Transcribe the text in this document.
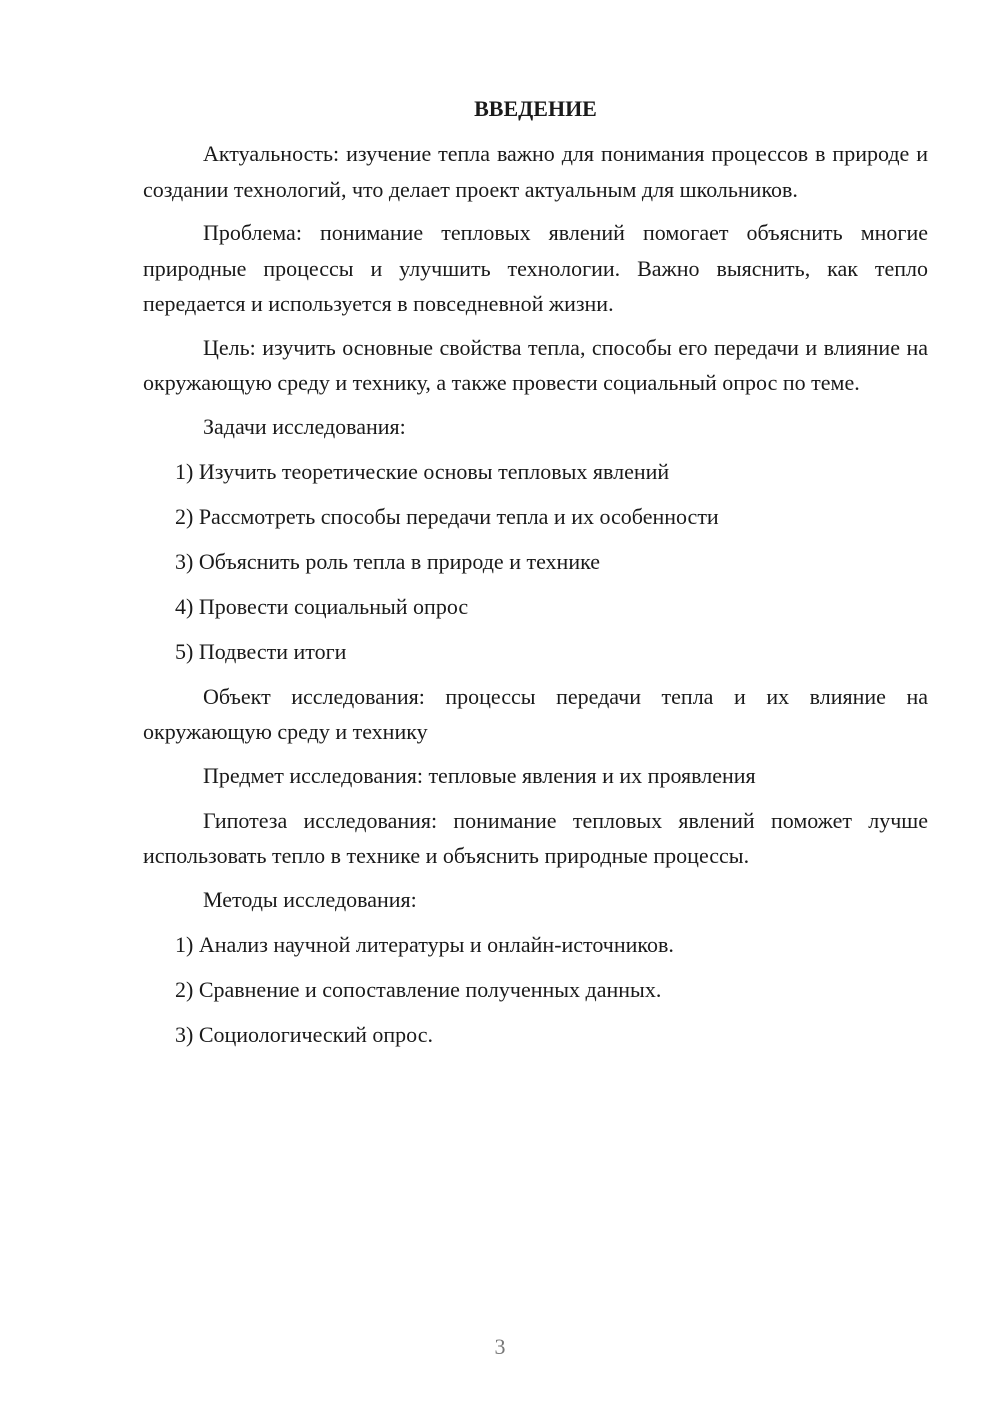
ВВЕДЕНИЕ

Актуальность: изучение тепла важно для понимания процессов в природе и создании технологий, что делает проект актуальным для школьников.

Проблема: понимание тепловых явлений помогает объяснить многие природные процессы и улучшить технологии. Важно выяснить, как тепло передается и используется в повседневной жизни.

Цель: изучить основные свойства тепла, способы его передачи и влияние на окружающую среду и технику, а также провести социальный опрос по теме.

Задачи исследования:

1) Изучить теоретические основы тепловых явлений

2) Рассмотреть способы передачи тепла и их особенности

3) Объяснить роль тепла в природе и технике

4) Провести социальный опрос

5) Подвести итоги

Объект исследования: процессы передачи тепла и их влияние на окружающую среду и технику

Предмет исследования: тепловые явления и их проявления

Гипотеза исследования: понимание тепловых явлений поможет лучше использовать тепло в технике и объяснить природные процессы.

Методы исследования:

1) Анализ научной литературы и онлайн-источников.

2) Сравнение и сопоставление полученных данных.

3) Социологический опрос.

3
